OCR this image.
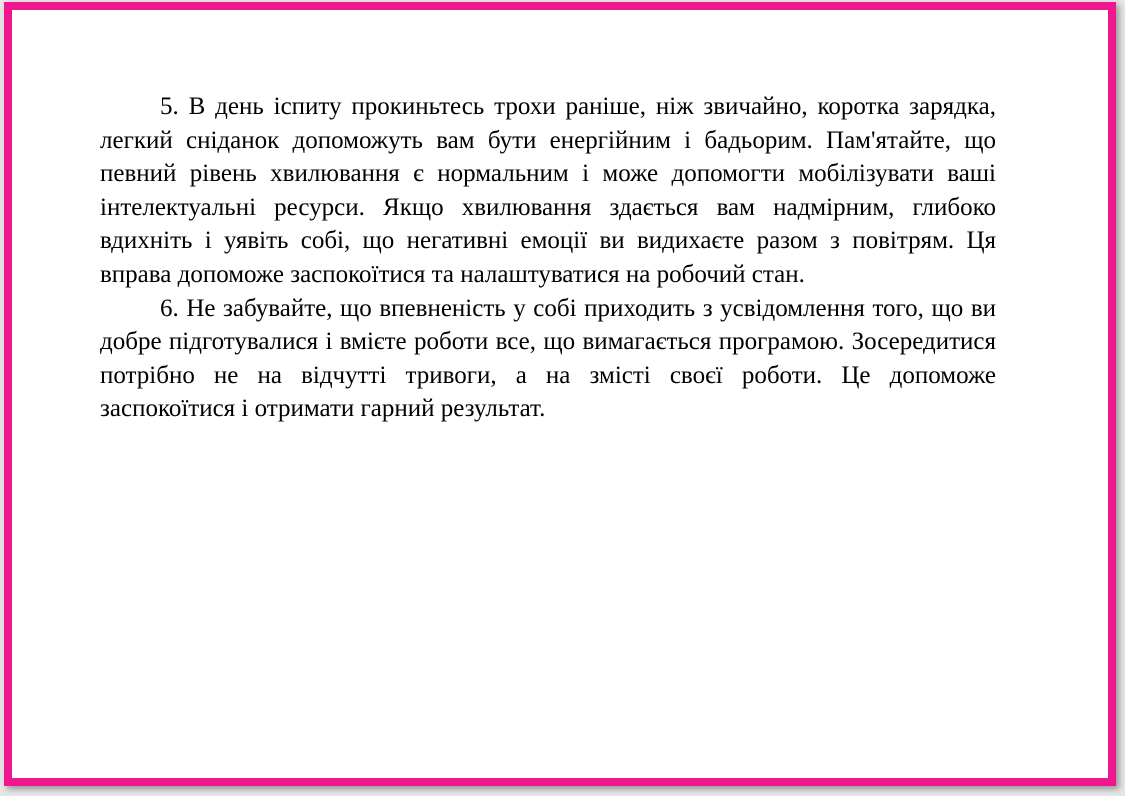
5. В день іспиту прокиньтесь трохи раніше, ніж звичайно, коротка зарядка, легкий сніданок допоможуть вам бути енергійним і бадьорим. Пам'ятайте, що певний рівень хвилювання є нормальним і може допомогти мобілізувати ваші інтелектуальні ресурси. Якщо хвилювання здається вам надмірним, глибоко вдихніть і уявіть собі, що негативні емоції ви видихаєте разом з повітрям. Ця вправа допоможе заспокоїтися та налаштуватися на робочий стан.

6. Не забувайте, що впевненість у собі приходить з усвідомлення того, що ви добре підготувалися і вмієте роботи все, що вимагається програмою. Зосередитися потрібно не на відчутті тривоги, а на змісті своєї роботи. Це допоможе заспокоїтися і отримати гарний результат.
